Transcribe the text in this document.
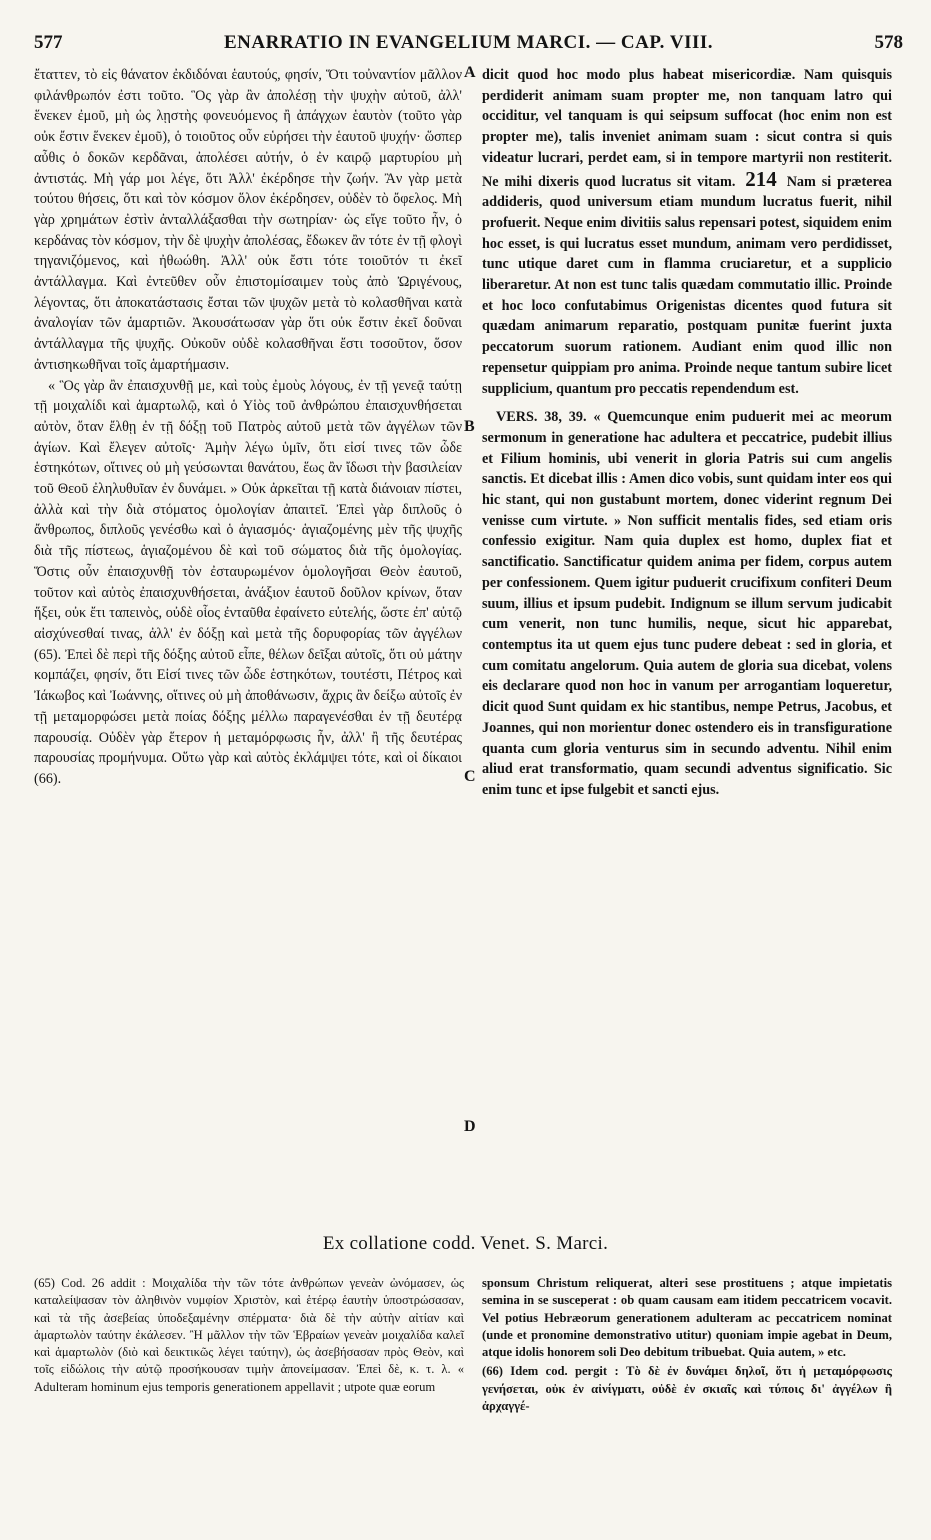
577	ENARRATIO IN EVANGELIUM MARCI. — CAP. VIII.	578
A
B
C
D

ἔταττεν, τὸ εἰς θάνατον ἐκδιδόναι ἑαυτούς, φησίν, Ὅτι τοὐναντίον μᾶλλον φιλάνθρωπόν ἐστι τοῦτο. Ὃς γὰρ ἂν ἀπολέσῃ τὴν ψυχὴν αὐτοῦ, ἀλλ' ἕνεκεν ἐμοῦ, μὴ ὡς λῃστὴς φονευόμενος ἢ ἀπάγχων ἑαυτὸν (τοῦτο γὰρ οὐκ ἔστιν ἕνεκεν ἐμοῦ), ὁ τοιοῦτος οὖν εὑρήσει τὴν ἑαυτοῦ ψυχήν· ὥσπερ αὖθις ὁ δοκῶν κερδᾶναι, ἀπολέσει αὐτήν, ὁ ἐν καιρῷ μαρτυρίου μὴ ἀντιστάς. Μὴ γάρ μοι λέγε, ὅτι Ἀλλ' ἐκέρδησε τὴν ζωήν. Ἂν γὰρ μετὰ τούτου θήσεις, ὅτι καὶ τὸν κόσμον ὅλον ἐκέρδησεν, οὐδὲν τὸ ὄφελος. Μὴ γὰρ χρημάτων ἐστὶν ἀνταλλάξασθαι τὴν σωτηρίαν· ὡς εἴγε τοῦτο ἦν, ὁ κερδάνας τὸν κόσμον, τὴν δὲ ψυχὴν ἀπολέσας, ἔδωκεν ἂν τότε ἐν τῇ φλογὶ τηγανιζόμενος, καὶ ἠθωώθη. Ἀλλ' οὐκ ἔστι τότε τοιοῦτόν τι ἐκεῖ ἀντάλλαγμα. Καὶ ἐντεῦθεν οὖν ἐπιστομίσαιμεν τοὺς ἀπὸ Ὠριγένους, λέγοντας, ὅτι ἀποκατάστασις ἔσται τῶν ψυχῶν μετὰ τὸ κολασθῆναι κατὰ ἀναλογίαν τῶν ἁμαρτιῶν. Ἀκουσάτωσαν γὰρ ὅτι οὐκ ἔστιν ἐκεῖ δοῦναι ἀντάλλαγμα τῆς ψυχῆς. Οὐκοῦν οὐδὲ κολασθῆναι ἔστι τοσοῦτον, ὅσον ἀντισηκωθῆναι τοῖς ἁμαρτήμασιν.

« Ὃς γὰρ ἂν ἐπαισχυνθῇ με, καὶ τοὺς ἐμοὺς λόγους, ἐν τῇ γενεᾷ ταύτῃ τῇ μοιχαλίδι καὶ ἁμαρτωλῷ, καὶ ὁ Υἱὸς τοῦ ἀνθρώπου ἐπαισχυνθήσεται αὐτὸν, ὅταν ἔλθῃ ἐν τῇ δόξῃ τοῦ Πατρὸς αὐτοῦ μετὰ τῶν ἀγγέλων τῶν ἁγίων. Καὶ ἔλεγεν αὐτοῖς· Ἀμὴν λέγω ὑμῖν, ὅτι εἰσί τινες τῶν ὧδε ἑστηκότων, οἵτινες οὐ μὴ γεύσωνται θανάτου, ἕως ἂν ἴδωσι τὴν βασιλείαν τοῦ Θεοῦ ἐληλυθυῖαν ἐν δυνάμει. » Οὐκ ἀρκεῖται τῇ κατὰ διάνοιαν πίστει, ἀλλὰ καὶ τὴν διὰ στόματος ὁμολογίαν ἀπαιτεῖ. Ἐπεὶ γὰρ διπλοῦς ὁ ἄνθρωπος, διπλοῦς γενέσθω καὶ ὁ ἁγιασμός· ἁγιαζομένης μὲν τῆς ψυχῆς διὰ τῆς πίστεως, ἁγιαζομένου δὲ καὶ τοῦ σώματος διὰ τῆς ὁμολογίας. Ὅστις οὖν ἐπαισχυνθῇ τὸν ἐσταυρωμένον ὁμολογῆσαι Θεὸν ἑαυτοῦ, τοῦτον καὶ αὐτὸς ἐπαισχυνθήσεται, ἀνάξιον ἑαυτοῦ δοῦλον κρίνων, ὅταν ἥξει, οὐκ ἔτι ταπεινὸς, οὐδὲ οἷος ἐνταῦθα ἐφαίνετο εὐτελής, ὥστε ἐπ' αὐτῷ αἰσχύνεσθαί τινας, ἀλλ' ἐν δόξῃ καὶ μετὰ τῆς δορυφορίας τῶν ἀγγέλων (65). Ἐπεὶ δὲ περὶ τῆς δόξης αὐτοῦ εἶπε, θέλων δεῖξαι αὐτοῖς, ὅτι οὐ μάτην κομπάζει, φησίν, ὅτι Εἰσί τινες τῶν ὧδε ἑστηκότων, τουτέστι, Πέτρος καὶ Ἰάκωβος καὶ Ἰωάννης, οἵτινες οὐ μὴ ἀποθάνωσιν, ἄχρις ἂν δείξω αὐτοῖς ἐν τῇ μεταμορφώσει μετὰ ποίας δόξης μέλλω παραγενέσθαι ἐν τῇ δευτέρᾳ παρουσίᾳ. Οὐδὲν γὰρ ἕτερον ἡ μεταμόρφωσις ἦν, ἀλλ' ἢ τῆς δευτέρας παρουσίας προμήνυμα. Οὕτω γὰρ καὶ αὐτὸς ἐκλάμψει τότε, καὶ οἱ δίκαιοι (66).

dicit quod hoc modo plus habeat misericordiæ. Nam quisquis perdiderit animam suam propter me, non tanquam latro qui occiditur, vel tanquam is qui seipsum suffocat (hoc enim non est propter me), talis inveniet animam suam : sicut contra si quis videatur lucrari, perdet eam, si in tempore martyrii non restiterit. Ne mihi dixeris quod lucratus sit vitam. 214 Nam si præterea addideris, quod universum etiam mundum lucratus fuerit, nihil profuerit. Neque enim divitiis salus repensari potest, siquidem enim hoc esset, is qui lucratus esset mundum, animam vero perdidisset, tunc utique daret cum in flamma cruciaretur, et a supplicio liberaretur. At non est tunc talis quædam commutatio illic. Proinde et hoc loco confutabimus Origenistas dicentes quod futura sit quædam animarum reparatio, postquam punitæ fuerint juxta peccatorum suorum rationem. Audiant enim quod illic non repensetur quippiam pro anima. Proinde neque tantum subire licet supplicium, quantum pro peccatis rependendum est.

VERS. 38, 39. « Quemcunque enim puduerit mei ac meorum sermonum in generatione hac adultera et peccatrice, pudebit illius et Filium hominis, ubi venerit in gloria Patris sui cum angelis sanctis. Et dicebat illis : Amen dico vobis, sunt quidam inter eos qui hic stant, qui non gustabunt mortem, donec viderint regnum Dei venisse cum virtute. » Non sufficit mentalis fides, sed etiam oris confessio exigitur. Nam quia duplex est homo, duplex fiat et sanctificatio. Sanctificatur quidem anima per fidem, corpus autem per confessionem. Quem igitur puduerit crucifixum confiteri Deum suum, illius et ipsum pudebit. Indignum se illum servum judicabit cum venerit, non tunc humilis, neque, sicut hic apparebat, contemptus ita ut quem ejus tunc pudere debeat : sed in gloria, et cum comitatu angelorum. Quia autem de gloria sua dicebat, volens eis declarare quod non hoc in vanum per arrogantiam loqueretur, dicit quod Sunt quidam ex hic stantibus, nempe Petrus, Jacobus, et Joannes, qui non morientur donec ostendero eis in transfiguratione quanta cum gloria venturus sim in secundo adventu. Nihil enim aliud erat transformatio, quam secundi adventus significatio. Sic enim tunc et ipse fulgebit et sancti ejus.

Ex collatione codd. Venet. S. Marci.

(65) Cod. 26 addit : Μοιχαλίδα τὴν τῶν τότε ἀνθρώπων γενεὰν ὠνόμασεν, ὡς καταλείψασαν τὸν ἀληθινὸν νυμφίον Χριστὸν, καὶ ἑτέρῳ ἑαυτὴν ὑποστρώσασαν, καὶ τὰ τῆς ἀσεβείας ὑποδεξαμένην σπέρματα· διὰ δὲ τὴν αὐτὴν αἰτίαν καὶ ἁμαρτωλὸν ταύτην ἐκάλεσεν. Ἢ μᾶλλον τὴν τῶν Ἑβραίων γενεὰν μοιχαλίδα καλεῖ καὶ ἁμαρτωλὸν (διὸ καὶ δεικτικῶς λέγει ταύτην), ὡς ἀσεβήσασαν πρὸς Θεὸν, καὶ τοῖς εἰδώλοις τὴν αὐτῷ προσήκουσαν τιμὴν ἀπονείμασαν. Ἐπεὶ δὲ, κ. τ. λ. « Adulteram hominum ejus temporis generationem appellavit ; utpote quæ eorum

sponsum Christum reliquerat, alteri sese prostituens ; atque impietatis semina in se susceperat : ob quam causam eam itidem peccatricem vocavit. Vel potius Hebræorum generationem adulteram ac peccatricem nominat (unde et pronomine demonstrativo utitur) quoniam impie agebat in Deum, atque idolis honorem soli Deo debitum tribuebat. Quia autem, » etc.

(66) Idem cod. pergit : Τὸ δὲ ἐν δυνάμει δηλοῖ, ὅτι ἡ μεταμόρφωσις γενήσεται, οὐκ ἐν αἰνίγματι, οὐδὲ ἐν σκιαῖς καὶ τύποις δι' ἀγγέλων ἢ ἀρχαγγέ-
